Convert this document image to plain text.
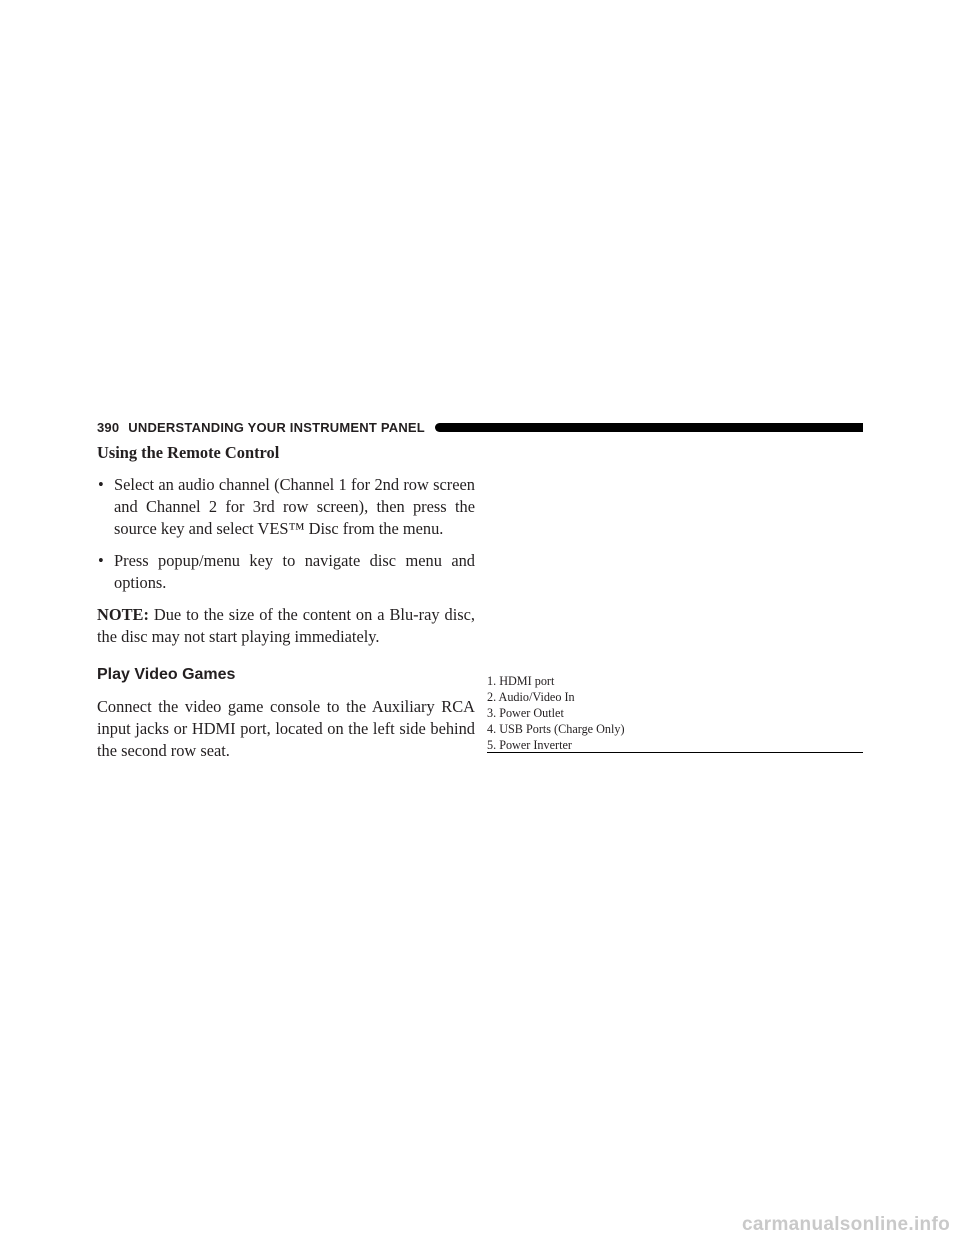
390 UNDERSTANDING YOUR INSTRUMENT PANEL

Using the Remote Control

• Select an audio channel (Channel 1 for 2nd row screen and Channel 2 for 3rd row screen), then press the source key and select VES™ Disc from the menu.
• Press popup/menu key to navigate disc menu and options.

NOTE: Due to the size of the content on a Blu-ray disc, the disc may not start playing immediately.

Play Video Games

Connect the video game console to the Auxiliary RCA input jacks or HDMI port, located on the left side behind the second row seat.

1. HDMI port

2. Audio/Video In

3. Power Outlet

4. USB Ports (Charge Only)

5. Power Inverter

carmanualsonline.info
